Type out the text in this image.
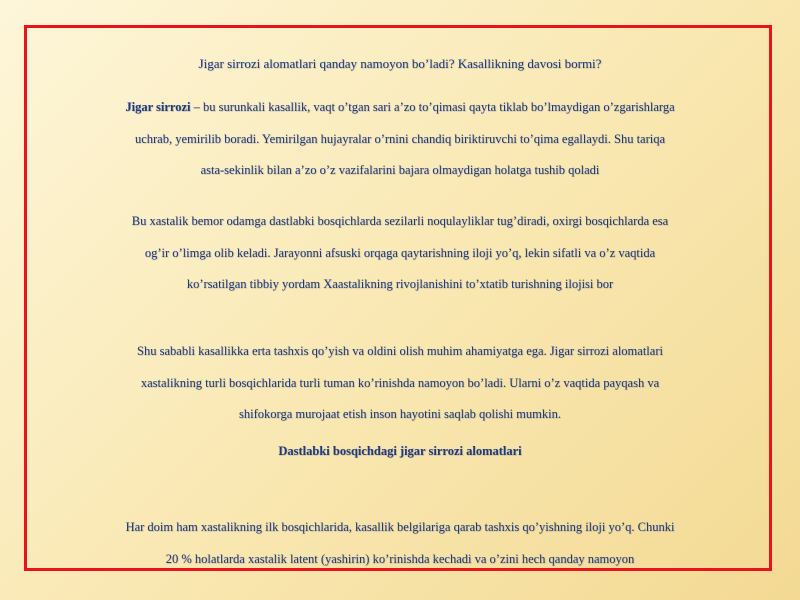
Jigar sirrozi alomatlari qanday namoyon bo’ladi? Kasallikning davosi bormi?

Jigar sirrozi – bu surunkali kasallik, vaqt o’tgan sari a’zo to’qimasi qayta tiklab bo’lmaydigan o’zgarishlarga uchrab, yemirilib boradi. Yemirilgan hujayralar o’rnini chandiq biriktiruvchi to’qima egallaydi. Shu tariqa asta-sekinlik bilan a’zo o’z vazifalarini bajara olmaydigan holatga tushib qoladi

Bu xastalik bemor odamga dastlabki bosqichlarda sezilarli noqulayliklar tug’diradi, oxirgi bosqichlarda esa og’ir o’limga olib keladi. Jarayonni afsuski orqaga qaytarishning iloji yo’q, lekin sifatli va o’z vaqtida ko’rsatilgan tibbiy yordam Xaastalikning rivojlanishini to’xtatib turishning ilojisi bor

Shu sababli kasallikka erta tashxis qo’yish va oldini olish muhim ahamiyatga ega. Jigar sirrozi alomatlari xastalikning turli bosqichlarida turli tuman ko’rinishda namoyon bo’ladi. Ularni o’z vaqtida payqash va shifokorga murojaat etish inson hayotini saqlab qolishi mumkin.

Dastlabki bosqichdagi jigar sirrozi alomatlari

Har doim ham xastalikning ilk bosqichlarida, kasallik belgilariga qarab tashxis qo’yishning iloji yo’q. Chunki 20 % holatlarda xastalik latent (yashirin) ko’rinishda kechadi va o’zini hech qanday namoyon
